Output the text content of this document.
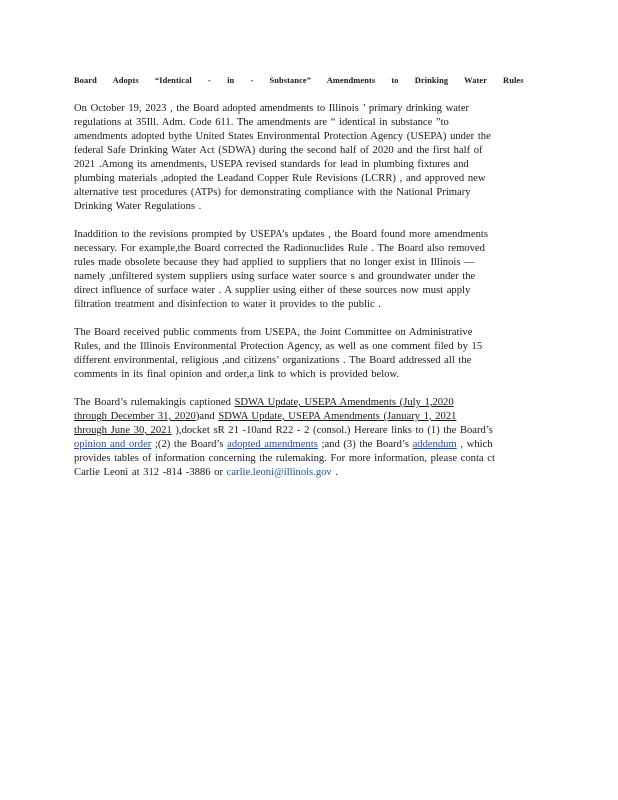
Board Adopts “Identical - in - Substance” Amendments to Drinking Water Rules
On October 19, 2023 , the Board adopted amendments to Illinois ’ primary drinking water
regulations at 35Ill. Adm. Code 611. The amendments are “ identical in substance ”to
amendments adopted bythe United States Environmental Protection Agency (USEPA) under the
federal Safe Drinking Water Act (SDWA) during the second half of 2020 and the first half of
2021 .Among its amendments, USEPA revised standards for lead in plumbing fixtures and
plumbing materials ,adopted the Leadand Copper Rule Revisions (LCRR) , and approved new
alternative test procedures (ATPs) for demonstrating compliance with the National Primary
Drinking Water Regulations .
Inaddition to the revisions prompted by USEPA’s updates , the Board found more amendments
necessary. For example,the Board corrected the Radionuclides Rule . The Board also removed
rules made obsolete because they had applied to suppliers that no longer exist in Illinois —
namely ,unfiltered system suppliers using surface water source s and groundwater under the
direct influence of surface water . A supplier using either of these sources now must apply
filtration treatment and disinfection to water it provides to the public .
The Board received public comments from USEPA, the Joint Committee on Administrative
Rules, and the Illinois Environmental Protection Agency, as well as one comment filed by 15
different environmental, religious ,and citizens’ organizations . The Board addressed all the
comments in its final opinion and order,a link to which is provided below.
The Board’s rulemakingis captioned SDWA Update, USEPA Amendments (July 1,2020
through December 31, 2020)and SDWA Update, USEPA Amendments (January 1, 2021
through June 30, 2021 ),docket sR 21 -10and R22 - 2 (consol.) Hereare links to (1) the Board’s
opinion and order ;(2) the Board’s adopted amendments ;and (3) the Board’s addendum , which
provides tables of information concerning the rulemaking. For more information, please conta ct
Carlie Leoni at 312 -814 -3886 or carlie.leoni@illinois.gov .
